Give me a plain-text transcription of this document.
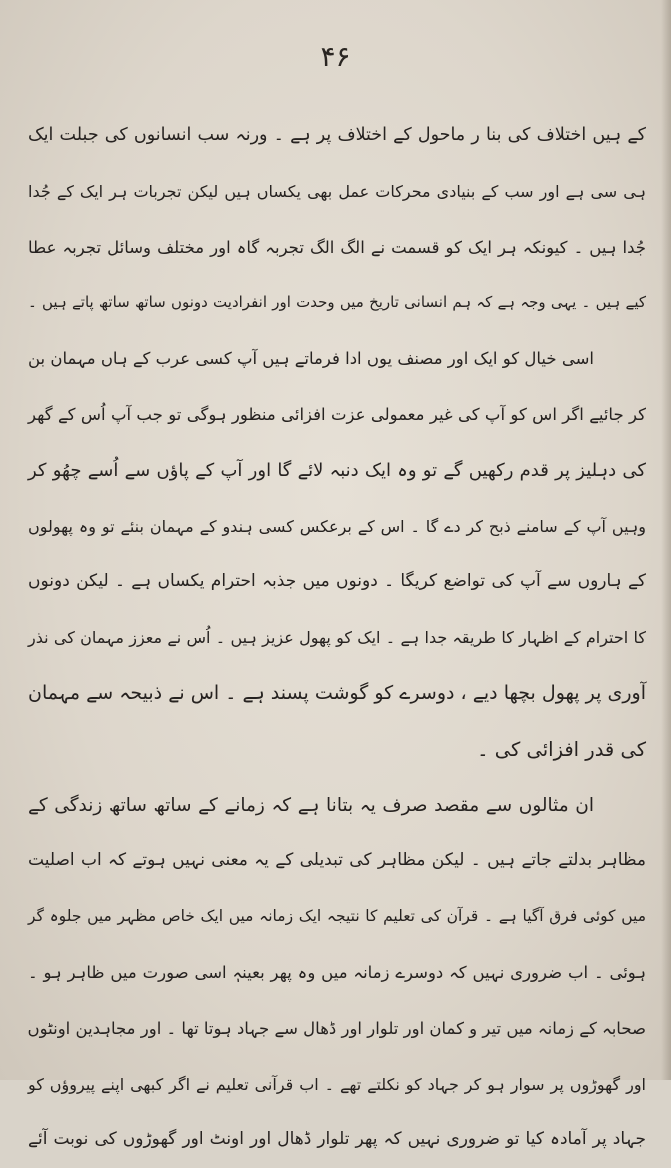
۴۶
کے ہیں اختلاف کی بنا ر ماحول کے اختلاف پر ہے ۔ ورنہ سب انسانوں کی جبلت ایک
ہی سی ہے اور سب کے بنیادی محرکات عمل بھی یکساں ہیں لیکن تجربات ہر ایک کے جُدا
جُدا ہیں ۔ کیونکہ ہر ایک کو قسمت نے الگ الگ تجربہ گاہ اور مختلف وسائل تجربہ عطا
کیے ہیں ۔ یہی وجہ ہے کہ ہم انسانی تاریخ میں وحدت اور انفرادیت دونوں ساتھ ساتھ پاتے ہیں ۔
اسی خیال کو ایک اور مصنف یوں ادا فرماتے ہیں آپ کسی عرب کے ہاں مہمان بن
کر جائیے اگر اس کو آپ کی غیر معمولی عزت افزائی منظور ہوگی تو جب آپ اُس کے گھر
کی دہلیز پر قدم رکھیں گے تو وہ ایک دنبہ لائے گا اور آپ کے پاؤں سے اُسے چھُو کر
وہیں آپ کے سامنے ذبح کر دے گا ۔ اس کے برعکس کسی ہندو کے مہمان بنئے تو وہ پھولوں
کے ہاروں سے آپ کی تواضع کریگا ۔ دونوں میں جذبہ احترام یکساں ہے ۔ لیکن دونوں
کا احترام کے اظہار کا طریقہ جدا ہے ۔ ایک کو پھول عزیز ہیں ۔ اُس نے معزز مہمان کی نذر
آوری پر پھول بچھا دیے ، دوسرے کو گوشت پسند ہے ۔ اس نے ذبیحہ سے مہمان
کی قدر افزائی کی ۔
ان مثالوں سے مقصد صرف یہ بتانا ہے کہ زمانے کے ساتھ ساتھ زندگی کے
مظاہر بدلتے جاتے ہیں ۔ لیکن مظاہر کی تبدیلی کے یہ معنی نہیں ہوتے کہ اب اصلیت
میں کوئی فرق آگیا ہے ۔ قرآن کی تعلیم کا نتیجہ ایک زمانہ میں ایک خاص مظہر میں جلوہ گر
ہوئی ۔ اب ضروری نہیں کہ دوسرے زمانہ میں وہ پھر بعینہٖ اسی صورت میں ظاہر ہو ۔
صحابہ کے زمانہ میں تیر و کمان اور تلوار اور ڈھال سے جہاد ہوتا تھا ۔ اور مجاہدین اونٹوں
اور گھوڑوں پر سوار ہو کر جہاد کو نکلتے تھے ۔ اب قرآنی تعلیم نے اگر کبھی اپنے پیروؤں کو
جہاد پر آمادہ کیا تو ضروری نہیں کہ پھر تلوار ڈھال اور اونٹ اور گھوڑوں کی نوبت آئے
